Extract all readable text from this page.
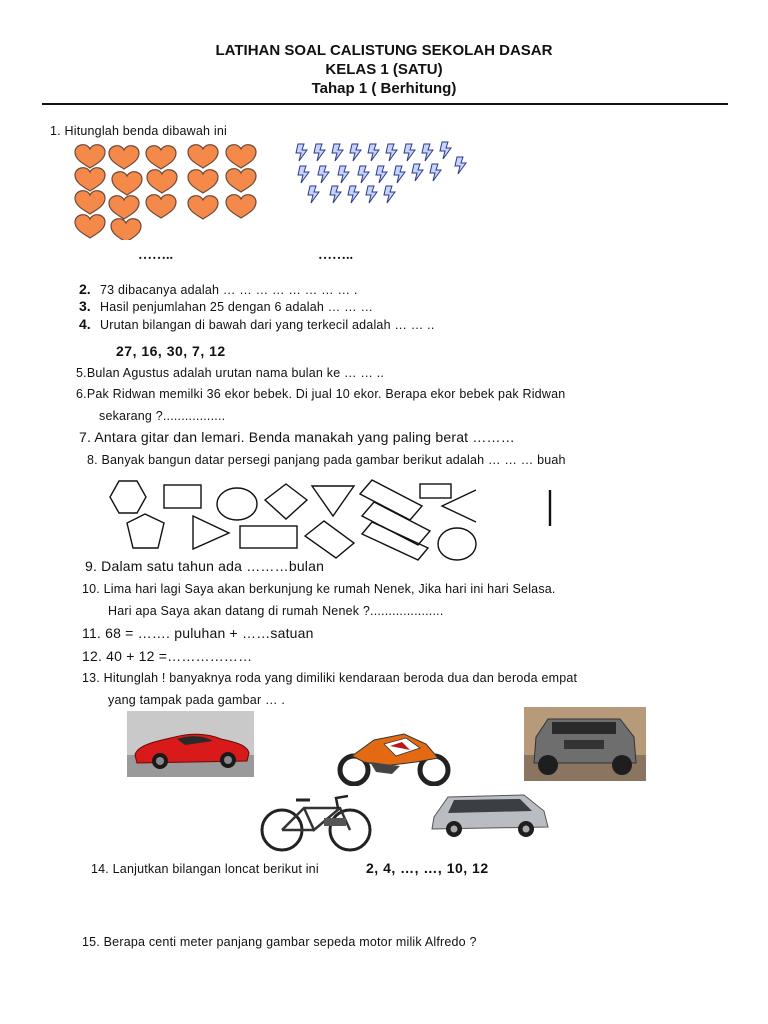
LATIHAN SOAL CALISTUNG SEKOLAH DASAR
KELAS 1 (SATU)
Tahap 1 ( Berhitung)
1. Hitunglah benda dibawah ini
……..	……..
2. 73 dibacanya adalah … … … … … … … … .
3. Hasil penjumlahan 25 dengan 6 adalah … … …
4. Urutan bilangan di bawah dari yang terkecil adalah … … ..
27, 16, 30, 7, 12
5.Bulan Agustus adalah urutan nama bulan ke … … ..
6.Pak Ridwan memilki 36 ekor bebek. Di jual 10 ekor. Berapa ekor bebek pak Ridwan
sekarang ?.................
7. Antara gitar dan lemari. Benda manakah yang paling berat ………
8. Banyak bangun datar persegi panjang pada gambar berikut adalah … … … buah
9. Dalam satu tahun ada ………bulan
10. Lima hari lagi Saya akan berkunjung ke rumah Nenek, Jika hari ini hari Selasa.
Hari apa Saya akan datang di rumah Nenek ?....................
11. 68 = ……. puluhan + ……satuan
12. 40 + 12 =………………
13. Hitunglah ! banyaknya roda yang dimiliki kendaraan beroda dua dan beroda empat
yang tampak pada gambar … .
14. Lanjutkan bilangan loncat berikut ini	2, 4, …, …, 10, 12
15. Berapa centi meter panjang gambar sepeda motor milik Alfredo ?
